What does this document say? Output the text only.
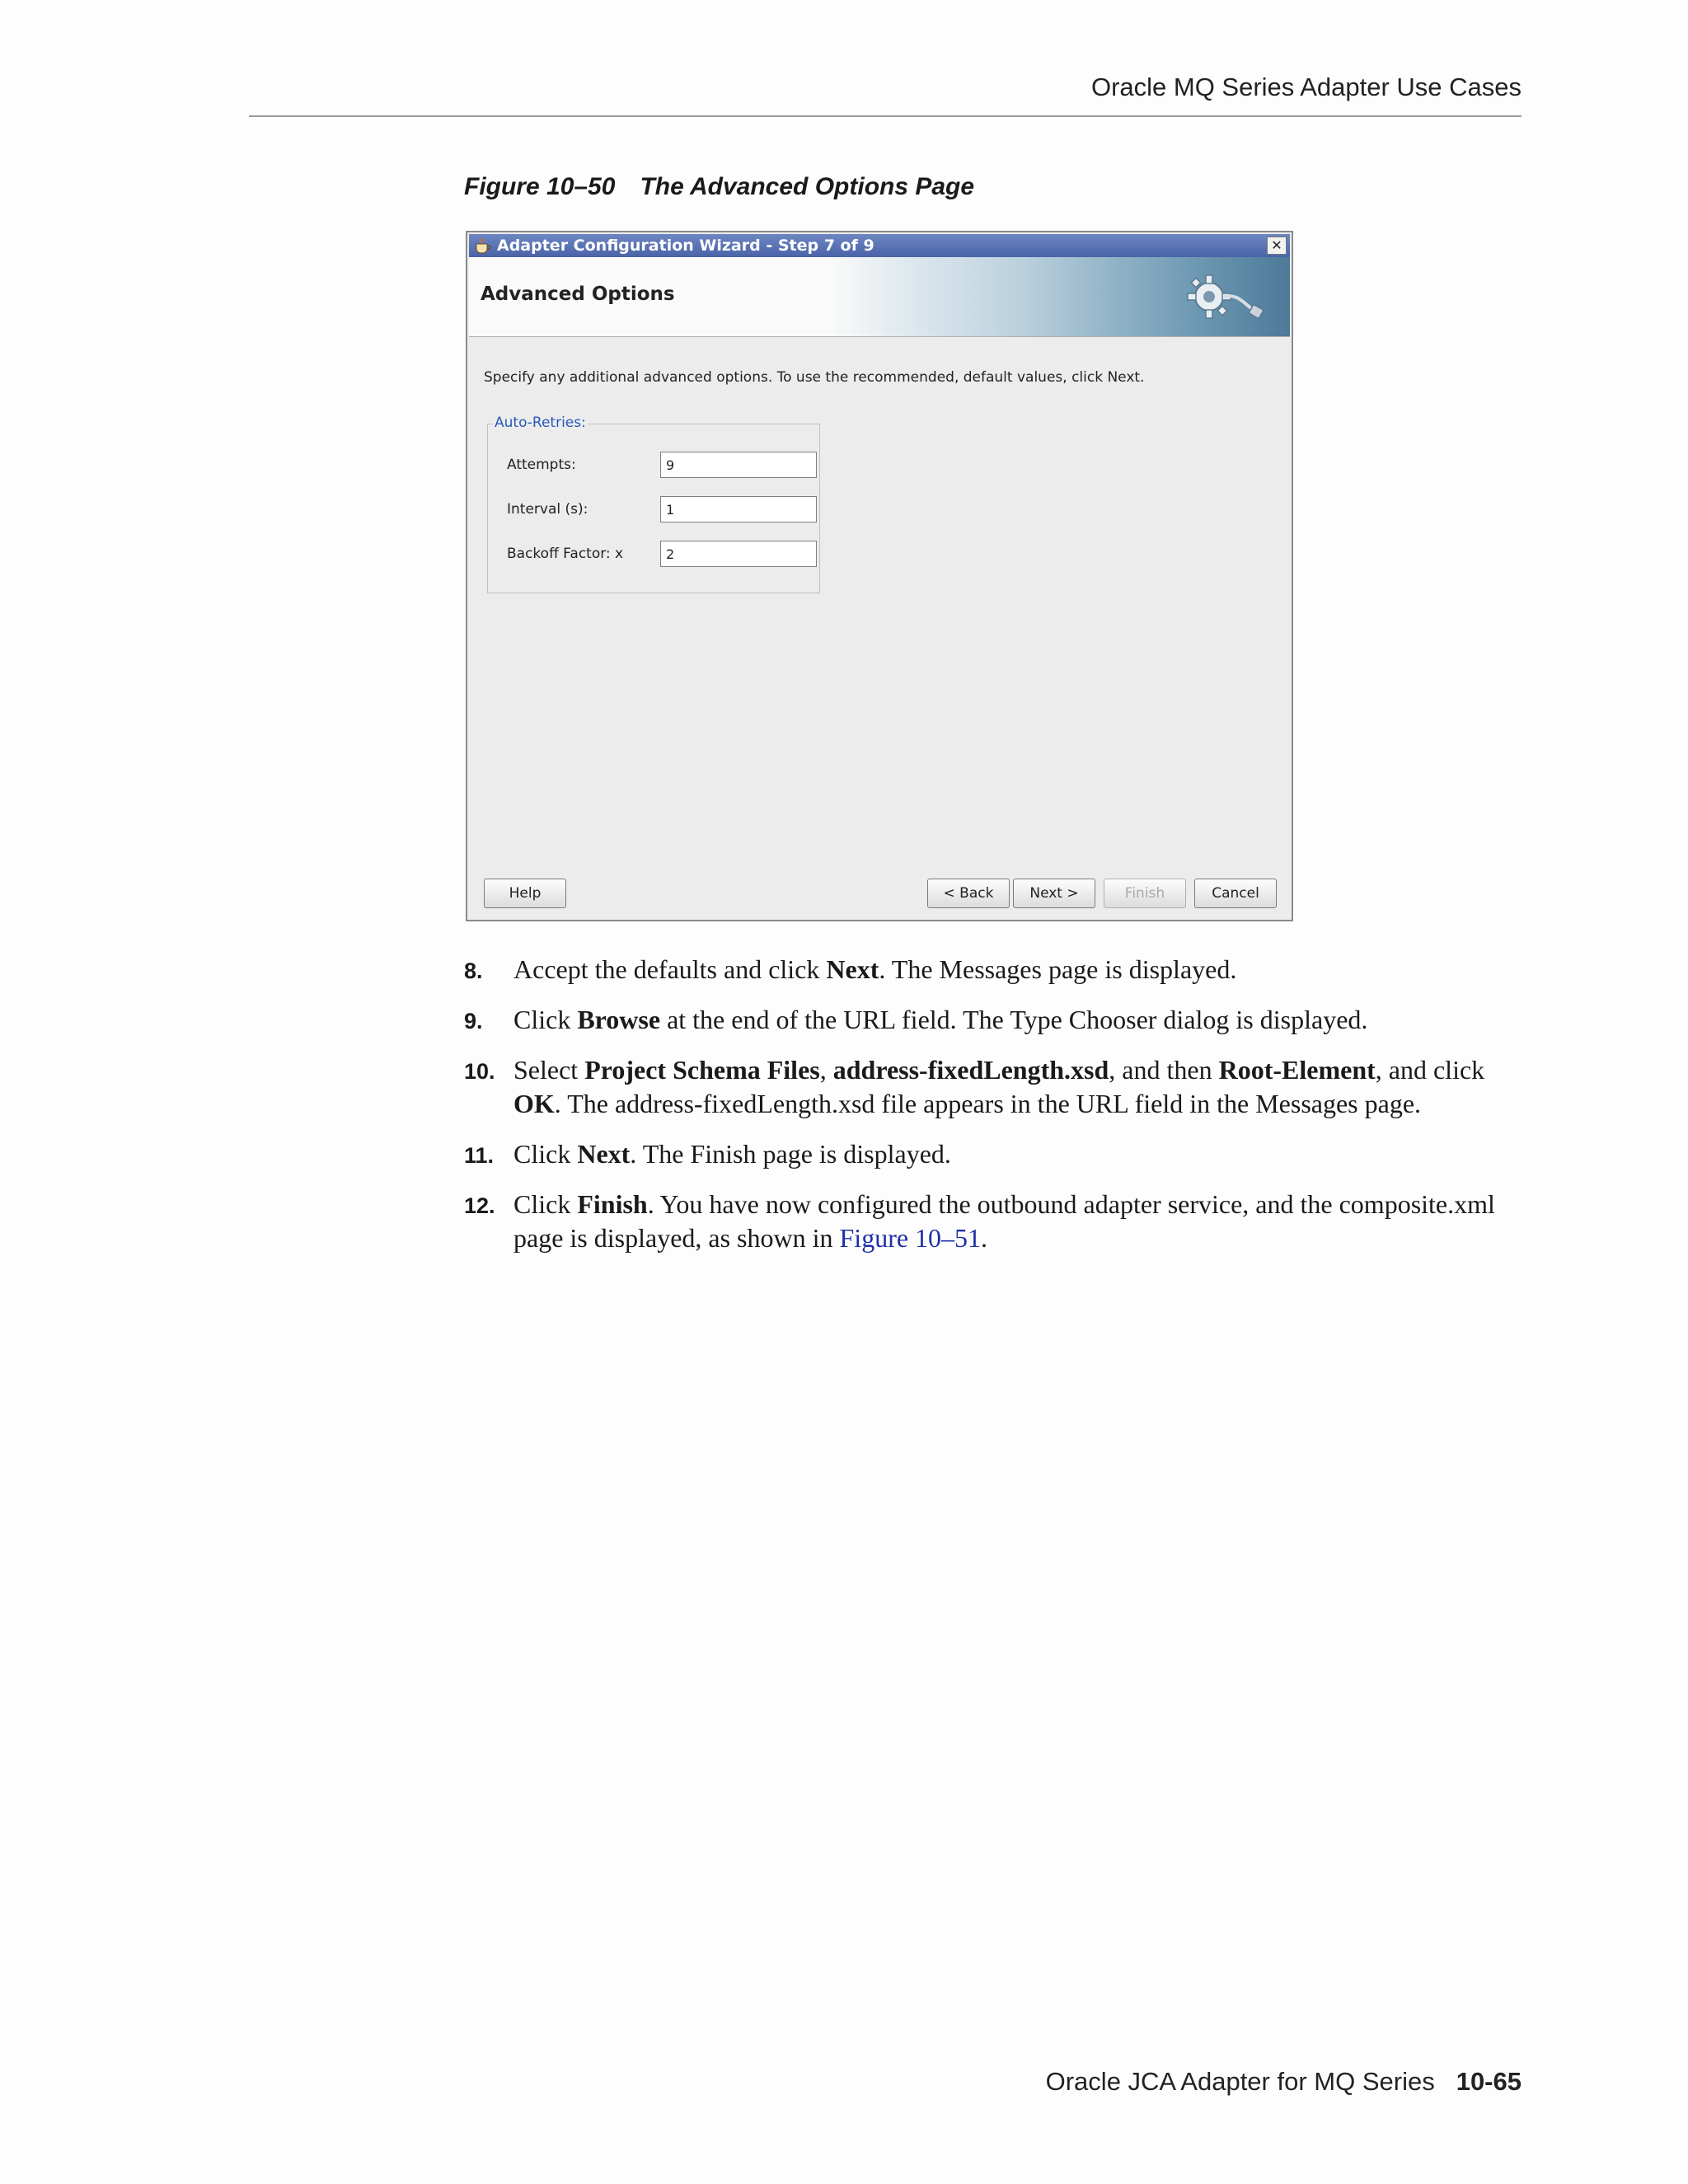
Oracle MQ Series Adapter Use Cases
Figure 10–50 The Advanced Options Page
Adapter Configuration Wizard - Step 7 of 9	✕
Advanced Options
Specify any additional advanced options. To use the recommended, default values, click Next.
Auto-Retries:
Attempts:
9
Interval (s):
1
Backoff Factor: x
2
Help	< Back	Next >	Finish	Cancel
8. Accept the defaults and click Next. The Messages page is displayed.
9. Click Browse at the end of the URL field. The Type Chooser dialog is displayed.
10. Select Project Schema Files, address-fixedLength.xsd, and then Root-Element, and click OK. The address-fixedLength.xsd file appears in the URL field in the Messages page.
11. Click Next. The Finish page is displayed.
12. Click Finish. You have now configured the outbound adapter service, and the composite.xml page is displayed, as shown in Figure 10–51.
Oracle JCA Adapter for MQ Series 10-65
